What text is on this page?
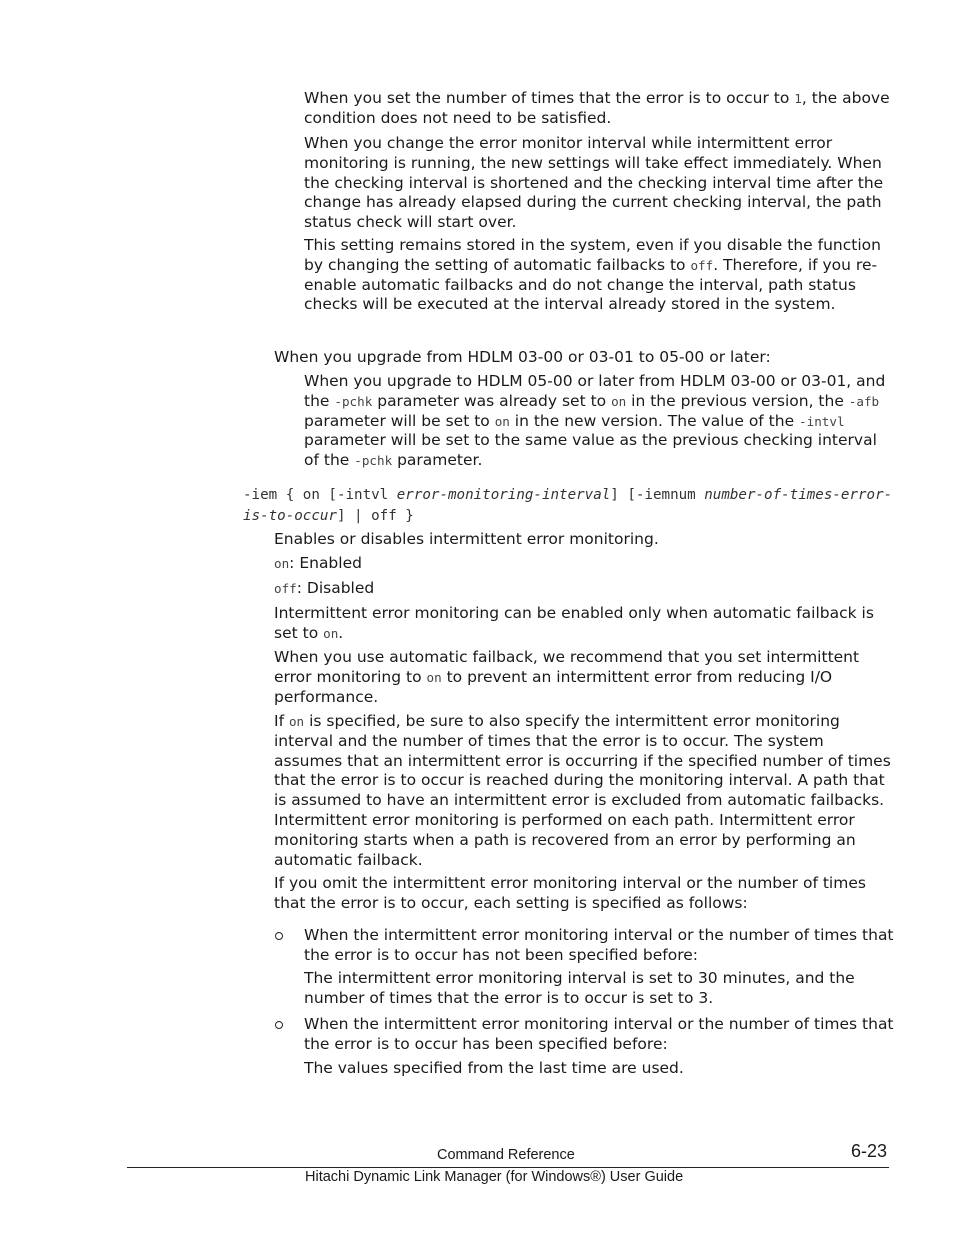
When you set the number of times that the error is to occur to 1, the above condition does not need to be satisfied.

When you change the error monitor interval while intermittent error monitoring is running, the new settings will take effect immediately. When the checking interval is shortened and the checking interval time after the change has already elapsed during the current checking interval, the path status check will start over.

This setting remains stored in the system, even if you disable the function by changing the setting of automatic failbacks to off. Therefore, if you re-enable automatic failbacks and do not change the interval, path status checks will be executed at the interval already stored in the system.

When you upgrade from HDLM 03-00 or 03-01 to 05-00 or later:

When you upgrade to HDLM 05-00 or later from HDLM 03-00 or 03-01, and the -pchk parameter was already set to on in the previous version, the -afb parameter will be set to on in the new version. The value of the -intvl parameter will be set to the same value as the previous checking interval of the -pchk parameter.

-iem { on [-intvl error-monitoring-interval] [-iemnum number-of-times-error-is-to-occur] | off }

Enables or disables intermittent error monitoring.

on: Enabled

off: Disabled

Intermittent error monitoring can be enabled only when automatic failback is set to on.

When you use automatic failback, we recommend that you set intermittent error monitoring to on to prevent an intermittent error from reducing I/O performance.

If on is specified, be sure to also specify the intermittent error monitoring interval and the number of times that the error is to occur. The system assumes that an intermittent error is occurring if the specified number of times that the error is to occur is reached during the monitoring interval. A path that is assumed to have an intermittent error is excluded from automatic failbacks. Intermittent error monitoring is performed on each path. Intermittent error monitoring starts when a path is recovered from an error by performing an automatic failback.

If you omit the intermittent error monitoring interval or the number of times that the error is to occur, each setting is specified as follows:

When the intermittent error monitoring interval or the number of times that the error is to occur has not been specified before:

The intermittent error monitoring interval is set to 30 minutes, and the number of times that the error is to occur is set to 3.

When the intermittent error monitoring interval or the number of times that the error is to occur has been specified before:

The values specified from the last time are used.

Command Reference	6-23
Hitachi Dynamic Link Manager (for Windows®) User Guide
